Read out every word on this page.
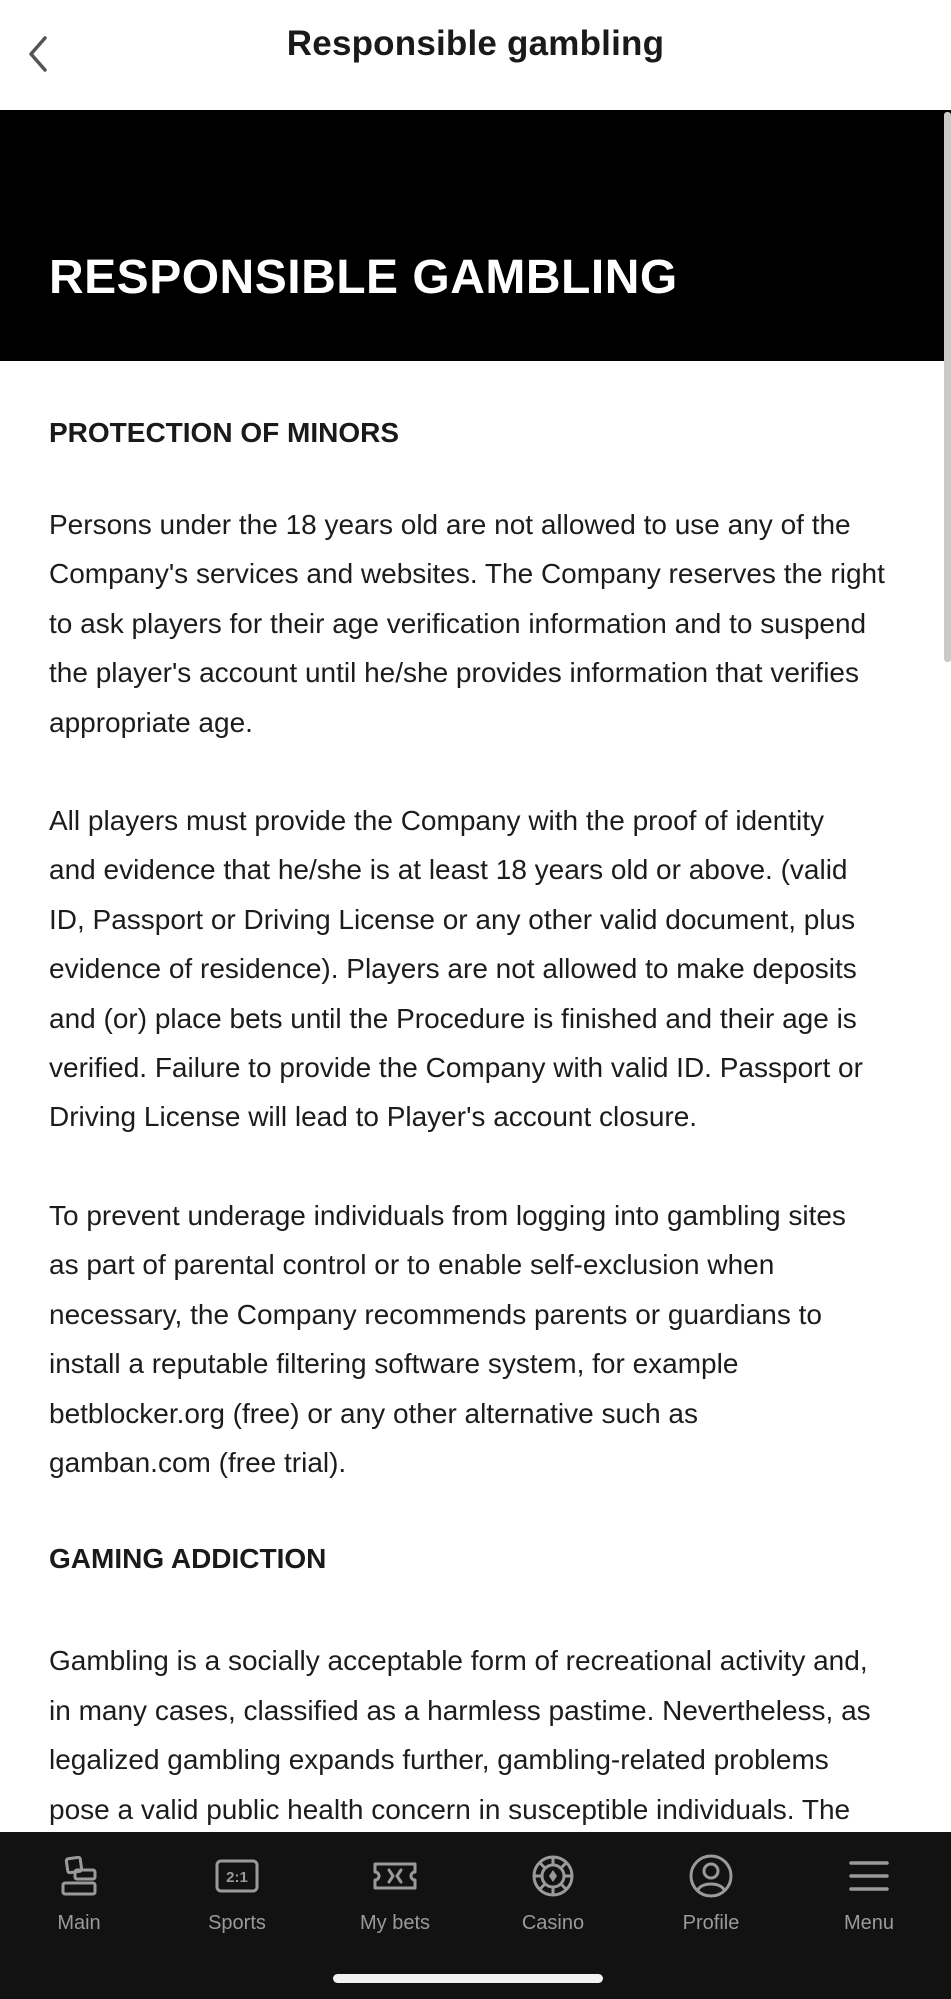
Responsible gambling
RESPONSIBLE GAMBLING
PROTECTION OF MINORS

Persons under the 18 years old are not allowed to use any of the
Company's services and websites. The Company reserves the right
to ask players for their age verification information and to suspend
the player's account until he/she provides information that verifies
appropriate age.

All players must provide the Company with the proof of identity
and evidence that he/she is at least 18 years old or above. (valid
ID, Passport or Driving License or any other valid document, plus
evidence of residence). Players are not allowed to make deposits
and (or) place bets until the Procedure is finished and their age is
verified. Failure to provide the Company with valid ID. Passport or
Driving License will lead to Player's account closure.

To prevent underage individuals from logging into gambling sites
as part of parental control or to enable self-exclusion when
necessary, the Company recommends parents or guardians to
install a reputable filtering software system, for example
betblocker.org (free) or any other alternative such as
gamban.com (free trial).

GAMING ADDICTION

Gambling is a socially acceptable form of recreational activity and,
in many cases, classified as a harmless pastime. Nevertheless, as
legalized gambling expands further, gambling-related problems
pose a valid public health concern in susceptible individuals. The

Main
2:1
Sports	My bets	Casino	Profile	Menu
